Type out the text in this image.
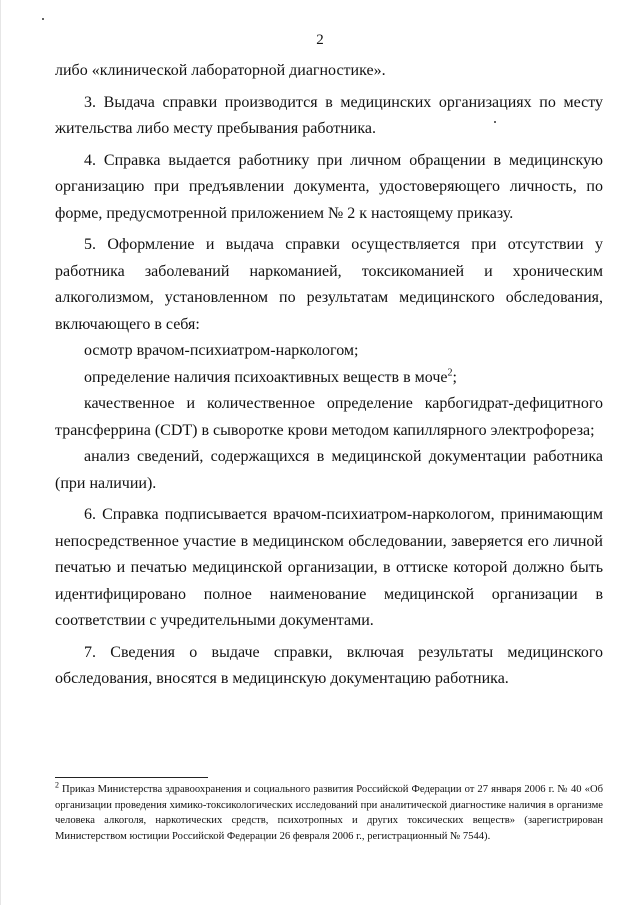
2

либо «клинической лабораторной диагностике».

3. Выдача справки производится в медицинских организациях по месту жительства либо месту пребывания работника.

4. Справка выдается работнику при личном обращении в медицинскую организацию при предъявлении документа, удостоверяющего личность, по форме, предусмотренной приложением № 2 к настоящему приказу.

5. Оформление и выдача справки осуществляется при отсутствии у работника заболеваний наркоманией, токсикоманией и хроническим алкоголизмом, установленном по результатам медицинского обследования, включающего в себя:

осмотр врачом-психиатром-наркологом;

определение наличия психоактивных веществ в моче$^2$;

качественное и количественное определение карбогидрат-дефицитного трансферрина (CDT) в сыворотке крови методом капиллярного электрофореза;

анализ сведений, содержащихся в медицинской документации работника (при наличии).

6. Справка подписывается врачом-психиатром-наркологом, принимающим непосредственное участие в медицинском обследовании, заверяется его личной печатью и печатью медицинской организации, в оттиске которой должно быть идентифицировано полное наименование медицинской организации в соответствии с учредительными документами.

7. Сведения о выдаче справки, включая результаты медицинского обследования, вносятся в медицинскую документацию работника.

$^2$ Приказ Министерства здравоохранения и социального развития Российской Федерации от 27 января 2006 г. № 40 «Об организации проведения химико-токсикологических исследований при аналитической диагностике наличия в организме человека алкоголя, наркотических средств, психотропных и других токсических веществ» (зарегистрирован Министерством юстиции Российской Федерации 26 февраля 2006 г., регистрационный № 7544).
